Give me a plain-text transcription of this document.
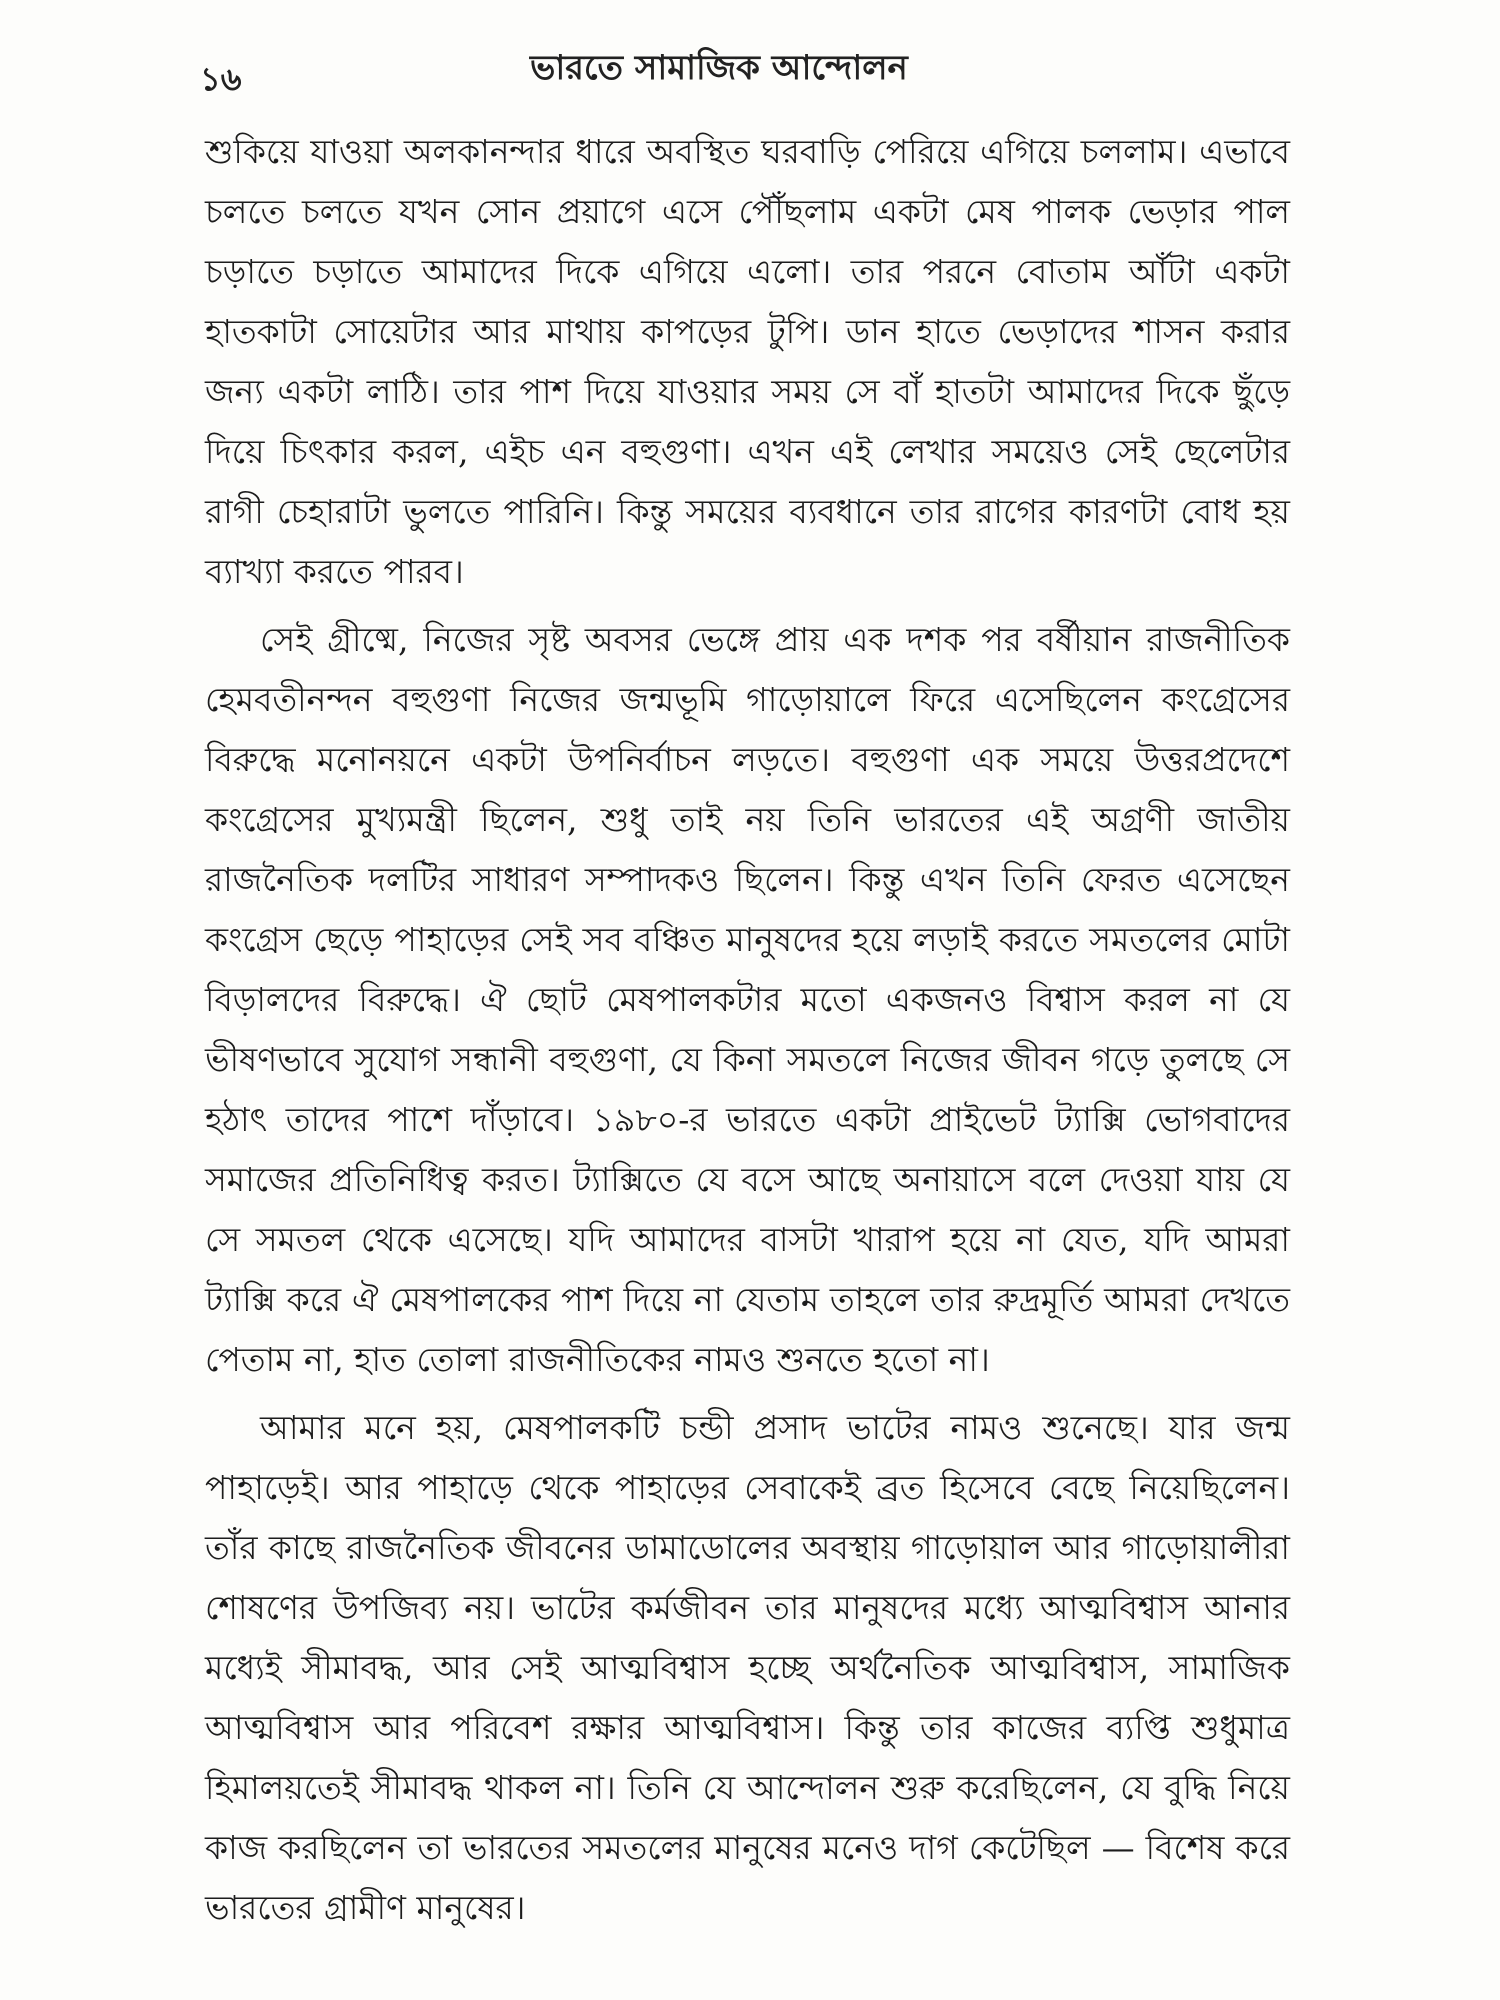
১৬	ভারতে সামাজিক আন্দোলন

শুকিয়ে যাওয়া অলকানন্দার ধারে অবস্থিত ঘরবাড়ি পেরিয়ে এগিয়ে চললাম। এভাবে চলতে চলতে যখন সোন প্রয়াগে এসে পৌঁছলাম একটা মেষ পালক ভেড়ার পাল চড়াতে চড়াতে আমাদের দিকে এগিয়ে এলো। তার পরনে বোতাম আঁটা একটা হাতকাটা সোয়েটার আর মাথায় কাপড়ের টুপি। ডান হাতে ভেড়াদের শাসন করার জন্য একটা লাঠি। তার পাশ দিয়ে যাওয়ার সময় সে বাঁ হাতটা আমাদের দিকে ছুঁড়ে দিয়ে চিৎকার করল, এইচ এন বহুগুণা। এখন এই লেখার সময়েও সেই ছেলেটার রাগী চেহারাটা ভুলতে পারিনি। কিন্তু সময়ের ব্যবধানে তার রাগের কারণটা বোধ হয় ব্যাখ্যা করতে পারব।

সেই গ্রীষ্মে, নিজের সৃষ্ট অবসর ভেঙ্গে প্রায় এক দশক পর বর্ষীয়ান রাজনীতিক হেমবতীনন্দন বহুগুণা নিজের জন্মভূমি গাড়োয়ালে ফিরে এসেছিলেন কংগ্রেসের বিরুদ্ধে মনোনয়নে একটা উপনির্বাচন লড়তে। বহুগুণা এক সময়ে উত্তরপ্রদেশে কংগ্রেসের মুখ্যমন্ত্রী ছিলেন, শুধু তাই নয় তিনি ভারতের এই অগ্রণী জাতীয় রাজনৈতিক দলটির সাধারণ সম্পাদকও ছিলেন। কিন্তু এখন তিনি ফেরত এসেছেন কংগ্রেস ছেড়ে পাহাড়ের সেই সব বঞ্চিত মানুষদের হয়ে লড়াই করতে সমতলের মোটা বিড়ালদের বিরুদ্ধে। ঐ ছোট মেষপালকটার মতো একজনও বিশ্বাস করল না যে ভীষণভাবে সুযোগ সন্ধানী বহুগুণা, যে কিনা সমতলে নিজের জীবন গড়ে তুলছে সে হঠাৎ তাদের পাশে দাঁড়াবে। ১৯৮০-র ভারতে একটা প্রাইভেট ট্যাক্সি ভোগবাদের সমাজের প্রতিনিধিত্ব করত। ট্যাক্সিতে যে বসে আছে অনায়াসে বলে দেওয়া যায় যে সে সমতল থেকে এসেছে। যদি আমাদের বাসটা খারাপ হয়ে না যেত, যদি আমরা ট্যাক্সি করে ঐ মেষপালকের পাশ দিয়ে না যেতাম তাহলে তার রুদ্রমূর্তি আমরা দেখতে পেতাম না, হাত তোলা রাজনীতিকের নামও শুনতে হতো না।

আমার মনে হয়, মেষপালকটি চন্ডী প্রসাদ ভাটের নামও শুনেছে। যার জন্ম পাহাড়েই। আর পাহাড়ে থেকে পাহাড়ের সেবাকেই ব্রত হিসেবে বেছে নিয়েছিলেন। তাঁর কাছে রাজনৈতিক জীবনের ডামাডোলের অবস্থায় গাড়োয়াল আর গাড়োয়ালীরা শোষণের উপজিব্য নয়। ভাটের কর্মজীবন তার মানুষদের মধ্যে আত্মবিশ্বাস আনার মধ্যেই সীমাবদ্ধ, আর সেই আত্মবিশ্বাস হচ্ছে অর্থনৈতিক আত্মবিশ্বাস, সামাজিক আত্মবিশ্বাস আর পরিবেশ রক্ষার আত্মবিশ্বাস। কিন্তু তার কাজের ব্যপ্তি শুধুমাত্র হিমালয়তেই সীমাবদ্ধ থাকল না। তিনি যে আন্দোলন শুরু করেছিলেন, যে বুদ্ধি নিয়ে কাজ করছিলেন তা ভারতের সমতলের মানুষের মনেও দাগ কেটেছিল — বিশেষ করে ভারতের গ্রামীণ মানুষের।
